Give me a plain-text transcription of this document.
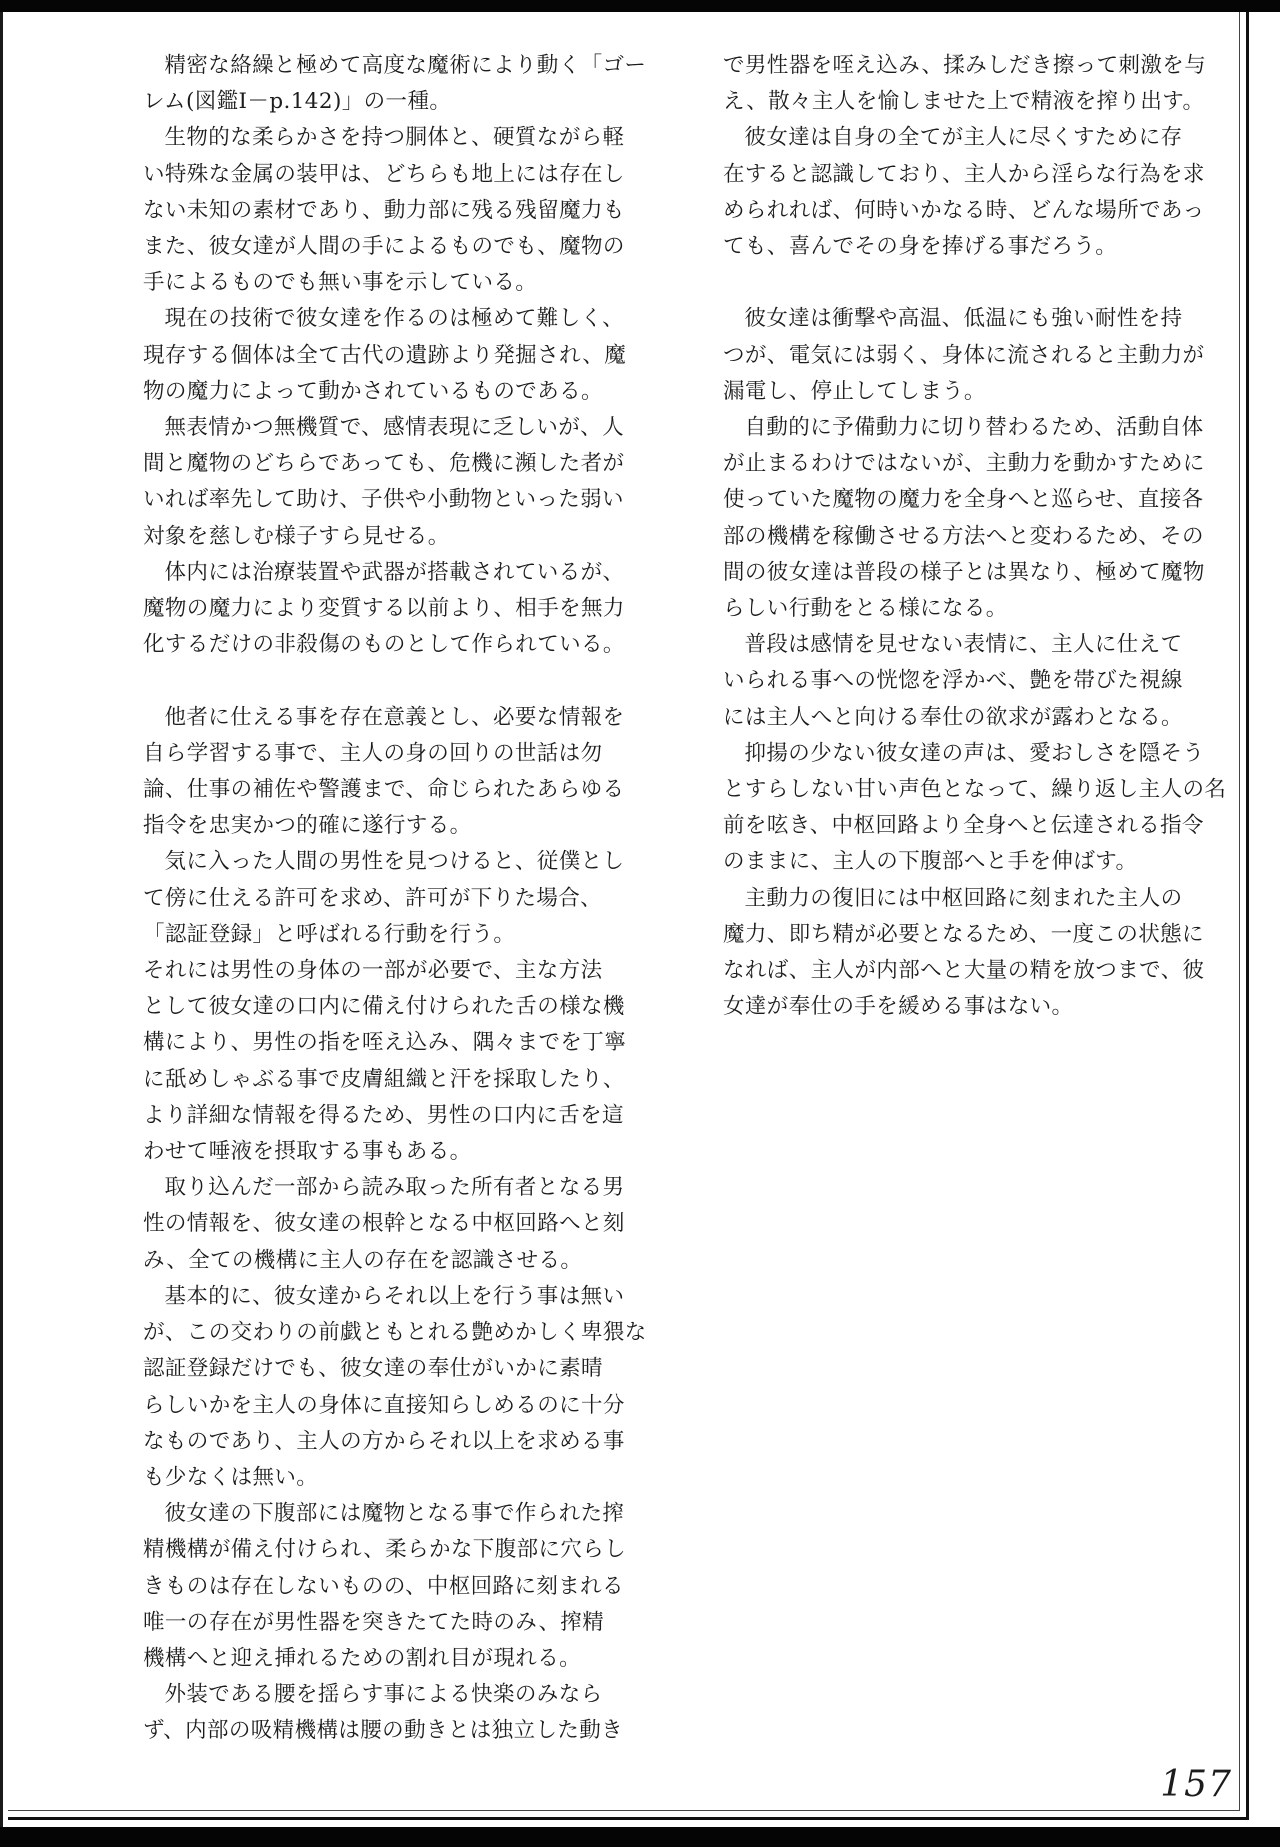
精密な絡繰と極めて高度な魔術により動く「ゴー
レム(図鑑Ⅰ－p.142)」の一種。

生物的な柔らかさを持つ胴体と、硬質ながら軽
い特殊な金属の装甲は、どちらも地上には存在し
ない未知の素材であり、動力部に残る残留魔力も
また、彼女達が人間の手によるものでも、魔物の
手によるものでも無い事を示している。

現在の技術で彼女達を作るのは極めて難しく、
現存する個体は全て古代の遺跡より発掘され、魔
物の魔力によって動かされているものである。

無表情かつ無機質で、感情表現に乏しいが、人
間と魔物のどちらであっても、危機に瀕した者が
いれば率先して助け、子供や小動物といった弱い
対象を慈しむ様子すら見せる。

体内には治療装置や武器が搭載されているが、
魔物の魔力により変質する以前より、相手を無力
化するだけの非殺傷のものとして作られている。

他者に仕える事を存在意義とし、必要な情報を
自ら学習する事で、主人の身の回りの世話は勿
論、仕事の補佐や警護まで、命じられたあらゆる
指令を忠実かつ的確に遂行する。

気に入った人間の男性を見つけると、従僕とし
て傍に仕える許可を求め、許可が下りた場合、
「認証登録」と呼ばれる行動を行う。

それには男性の身体の一部が必要で、主な方法
として彼女達の口内に備え付けられた舌の様な機
構により、男性の指を咥え込み、隅々までを丁寧
に舐めしゃぶる事で皮膚組織と汗を採取したり、
より詳細な情報を得るため、男性の口内に舌を這
わせて唾液を摂取する事もある。

取り込んだ一部から読み取った所有者となる男
性の情報を、彼女達の根幹となる中枢回路へと刻
み、全ての機構に主人の存在を認識させる。

基本的に、彼女達からそれ以上を行う事は無い
が、この交わりの前戯ともとれる艶めかしく卑猥な
認証登録だけでも、彼女達の奉仕がいかに素晴
らしいかを主人の身体に直接知らしめるのに十分
なものであり、主人の方からそれ以上を求める事
も少なくは無い。

彼女達の下腹部には魔物となる事で作られた搾
精機構が備え付けられ、柔らかな下腹部に穴らし
きものは存在しないものの、中枢回路に刻まれる
唯一の存在が男性器を突きたてた時のみ、搾精
機構へと迎え挿れるための割れ目が現れる。

外装である腰を揺らす事による快楽のみなら
ず、内部の吸精機構は腰の動きとは独立した動き

で男性器を咥え込み、揉みしだき擦って刺激を与
え、散々主人を愉しませた上で精液を搾り出す。

彼女達は自身の全てが主人に尽くすために存
在すると認識しており、主人から淫らな行為を求
められれば、何時いかなる時、どんな場所であっ
ても、喜んでその身を捧げる事だろう。

彼女達は衝撃や高温、低温にも強い耐性を持
つが、電気には弱く、身体に流されると主動力が
漏電し、停止してしまう。

自動的に予備動力に切り替わるため、活動自体
が止まるわけではないが、主動力を動かすために
使っていた魔物の魔力を全身へと巡らせ、直接各
部の機構を稼働させる方法へと変わるため、その
間の彼女達は普段の様子とは異なり、極めて魔物
らしい行動をとる様になる。

普段は感情を見せない表情に、主人に仕えて
いられる事への恍惚を浮かべ、艶を帯びた視線
には主人へと向ける奉仕の欲求が露わとなる。

抑揚の少ない彼女達の声は、愛おしさを隠そう
とすらしない甘い声色となって、繰り返し主人の名
前を呟き、中枢回路より全身へと伝達される指令
のままに、主人の下腹部へと手を伸ばす。

主動力の復旧には中枢回路に刻まれた主人の
魔力、即ち精が必要となるため、一度この状態に
なれば、主人が内部へと大量の精を放つまで、彼
女達が奉仕の手を緩める事はない。

157
